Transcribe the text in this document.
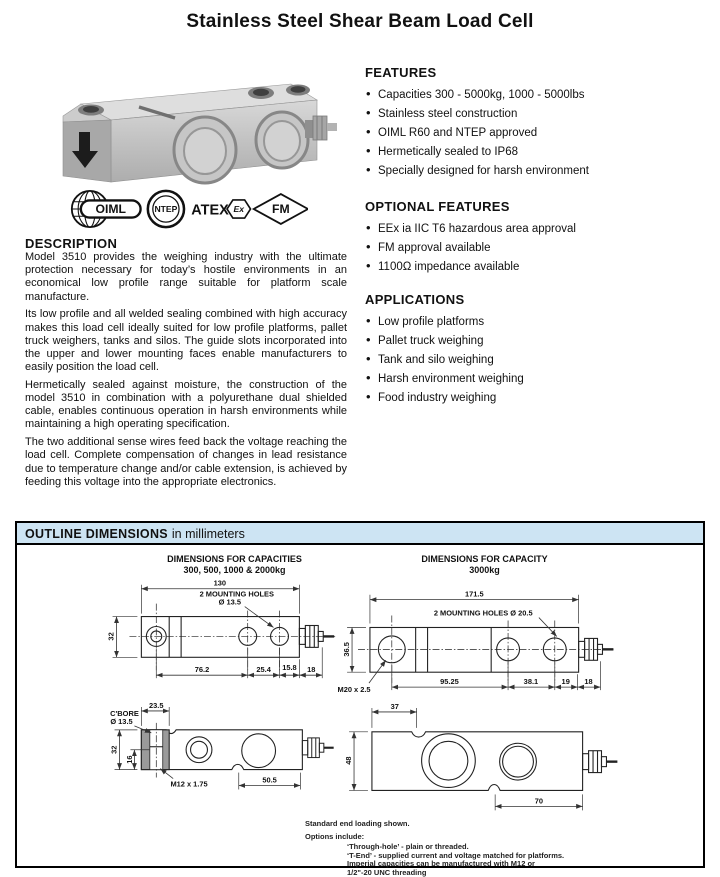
Stainless Steel Shear Beam Load Cell
OIML	NTEP ATEX Ex FM
DESCRIPTION

Model 3510 provides the weighing industry with the ultimate protection necessary for today’s hostile environments in an economical low profile range suitable for platform scale manufacture.

Its low profile and all welded sealing combined with high accuracy makes this load cell ideally suited for low profile platforms, pallet truck weighers, tanks and silos. The guide slots incorporated into the upper and lower mounting faces enable manufacturers to easily position the load cell.

Hermetically sealed against moisture, the construction of the model 3510 in combination with a polyurethane dual shielded cable, enables continuous operation in harsh environments while maintaining a high operating specification.

The two additional sense wires feed back the voltage reaching the load cell. Complete compensation of changes in lead resistance due to temperature change and/or cable extension, is achieved by feeding this voltage into the appropriate electronics.

FEATURES
• Capacities 300 - 5000kg, 1000 - 5000lbs
• Stainless steel construction
• OIML R60 and NTEP approved
• Hermetically sealed to IP68
• Specially designed for harsh environment
OPTIONAL FEATURES
• EEx ia IIC T6 hazardous area approval
• FM approval available
• 1100Ω impedance available
APPLICATIONS
• Low profile platforms
• Pallet truck weighing
• Tank and silo weighing
• Harsh environment weighing
• Food industry weighing
OUTLINE DIMENSIONS in millimeters
DIMENSIONS FOR CAPACITIES
300, 500, 1000 & 2000kg
DIMENSIONS FOR CAPACITY
3000kg
130
2 MOUNTING HOLES
Ø 13.5
32
76.2	25.4 15.8 18
171.5
2 MOUNTING HOLES Ø 20.5
36.5
M20 x 2.5
95.25	38.1	19 18
C'BORE
Ø 13.5
23.5
32
16
M12 x 1.75	50.5
37
48
70
Standard end loading shown.
Options include:
‘Through-hole’ - plain or threaded.
‘T-End’ - supplied current and voltage matched for platforms.
Imperial capacities can be manufactured with M12 or
1/2"-20 UNC threading
